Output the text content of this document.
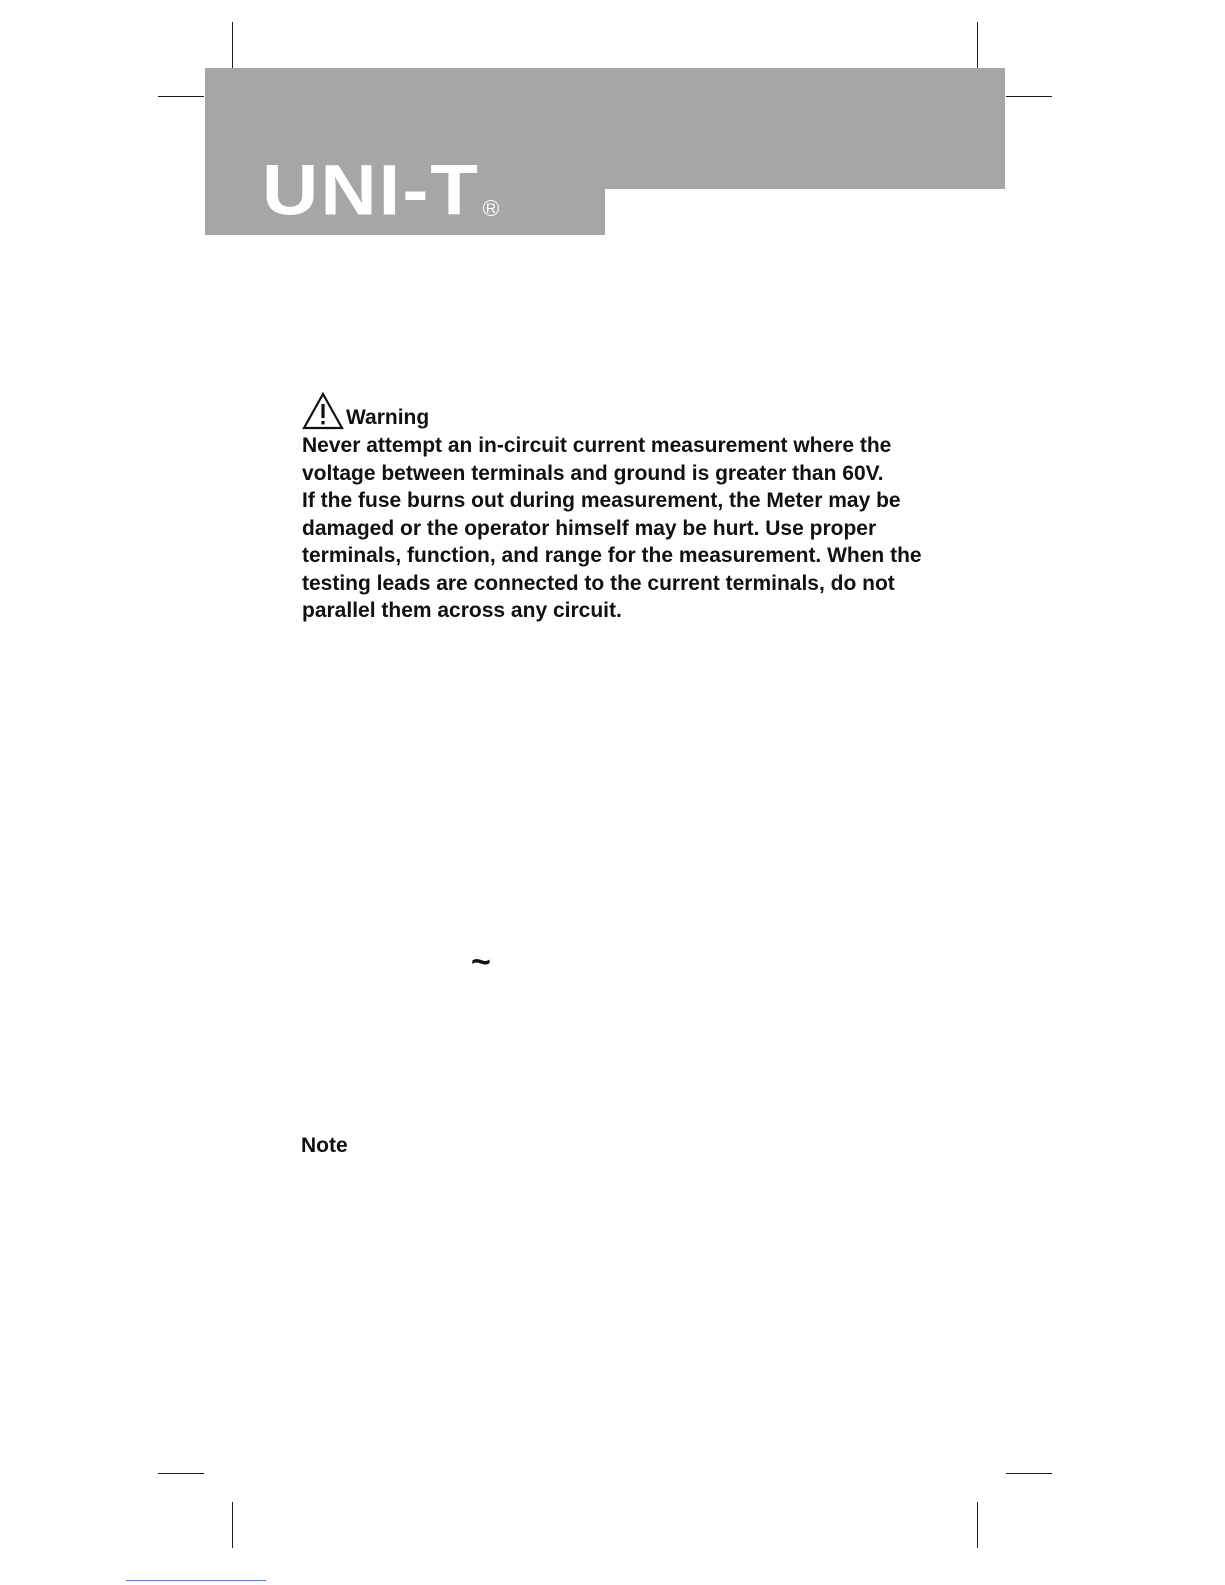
UNI-T R
Warning

Never attempt an in-circuit current measurement where the voltage between terminals and ground is greater than 60V.

If the fuse burns out during measurement, the Meter may be damaged or the operator himself may be hurt. Use proper terminals, function, and range for the measurement. When the testing leads are connected to the current terminals, do not parallel them across any circuit.

~
Note
